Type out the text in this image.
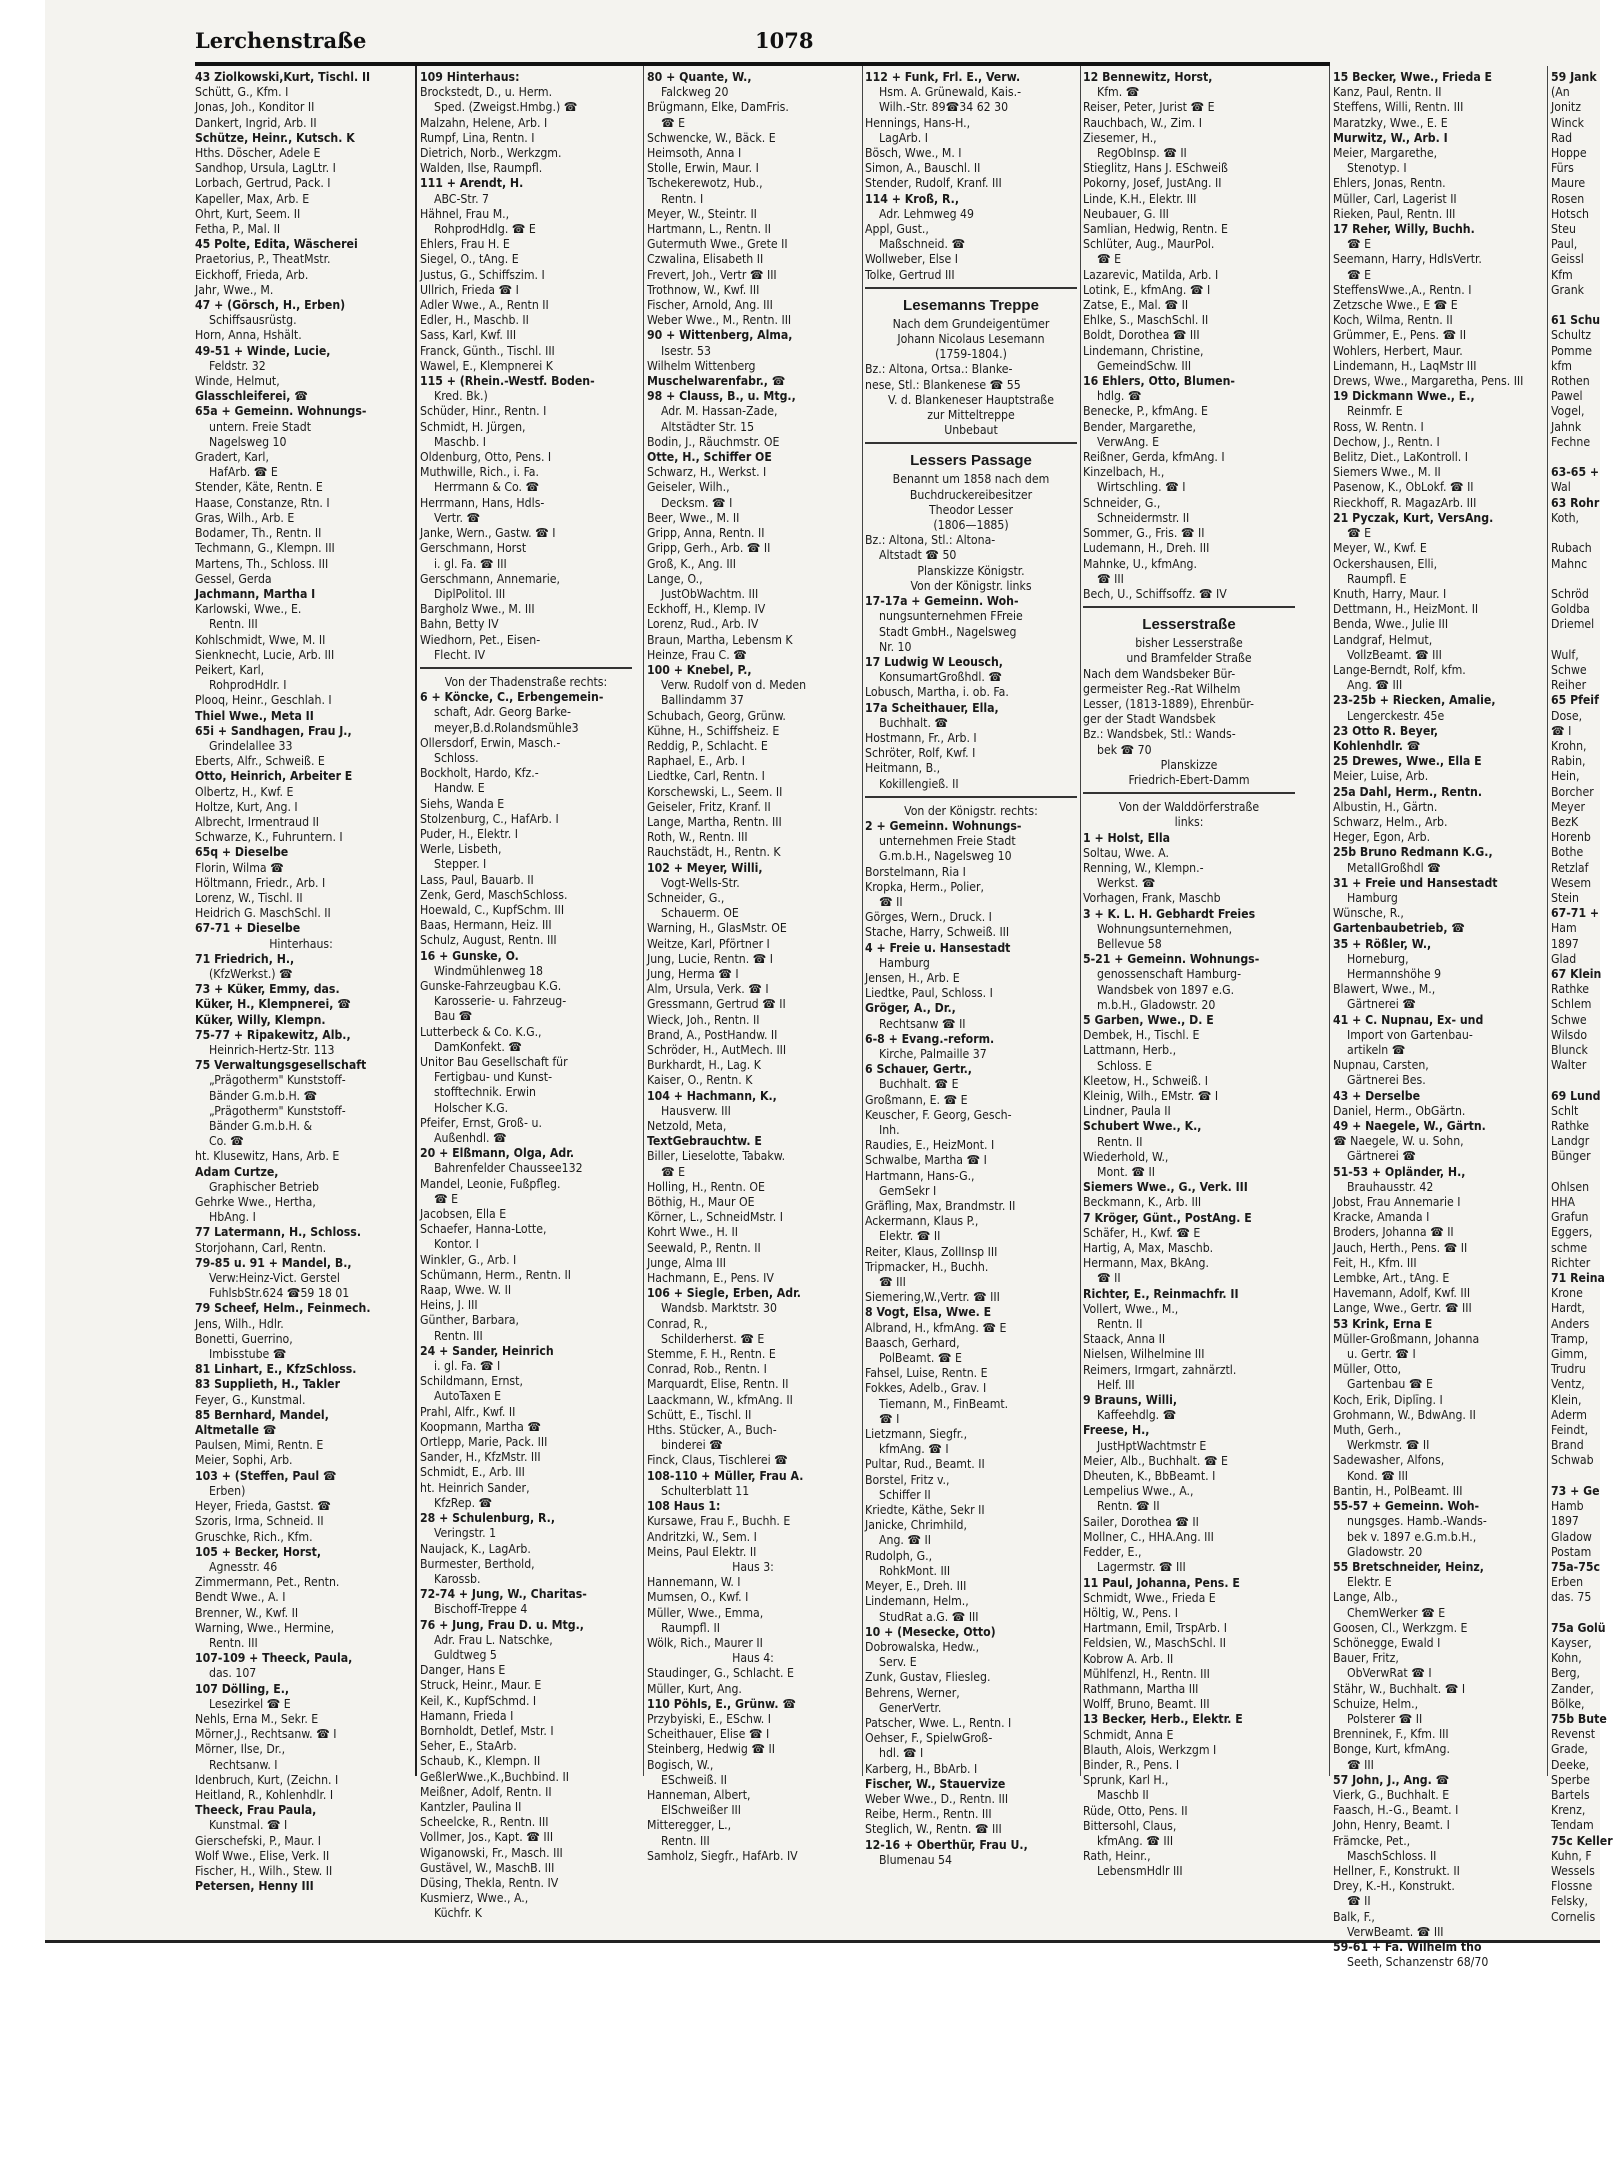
Lerchenstraße	1078
43 Ziolkowski,Kurt, Tischl. II
Schütt, G., Kfm. I
Jonas, Joh., Konditor II
Dankert, Ingrid, Arb. II
Schütze, Heinr., Kutsch. K
Hths. Döscher, Adele E
Sandhop, Ursula, LagLtr. I
Lorbach, Gertrud, Pack. I
Kapeller, Max, Arb. E
Ohrt, Kurt, Seem. II
Fetha, P., Mal. II
45 Polte, Edita, Wäscherei
Praetorius, P., TheatMstr.
Eickhoff, Frieda, Arb.
Jahr, Wwe., M.
47 + (Görsch, H., Erben)
Schiffsausrüstg.
Horn, Anna, Hshält.
49-51 + Winde, Lucie,
Feldstr. 32
Winde, Helmut,
Glasschleiferei, ☎
65a + Gemeinn. Wohnungs-
untern. Freie Stadt
Nagelsweg 10
Gradert, Karl,
HafArb. ☎ E
Stender, Käte, Rentn. E
Haase, Constanze, Rtn. I
Gras, Wilh., Arb. E
Bodamer, Th., Rentn. II
Techmann, G., Klempn. III
Martens, Th., Schloss. III
Gessel, Gerda
Jachmann, Martha I
Karlowski, Wwe., E.
Rentn. III
Kohlschmidt, Wwe, M. II
Sienknecht, Lucie, Arb. III
Peikert, Karl,
RohprodHdlr. I
Plooq, Heinr., Geschlah. I
Thiel Wwe., Meta II
65i + Sandhagen, Frau J.,
Grindelallee 33
Eberts, Alfr., Schweiß. E
Otto, Heinrich, Arbeiter E
Olbertz, H., Kwf. E
Holtze, Kurt, Ang. I
Albrecht, Irmentraud II
Schwarze, K., Fuhruntern. I
65q + Dieselbe
Florin, Wilma ☎
Höltmann, Friedr., Arb. I
Lorenz, W., Tischl. II
Heidrich G. MaschSchl. II
67-71 + Dieselbe
Hinterhaus:
71 Friedrich, H.,
(KfzWerkst.) ☎
73 + Küker, Emmy, das.
Küker, H., Klempnerei, ☎
Küker, Willy, Klempn.
75-77 + Ripakewitz, Alb.,
Heinrich-Hertz-Str. 113
75 Verwaltungsgesellschaft
„Prägotherm" Kunststoff-
Bänder G.m.b.H. ☎
„Prägotherm" Kunststoff-
Bänder G.m.b.H. &
Co. ☎
ht. Klusewitz, Hans, Arb. E
Adam Curtze,
Graphischer Betrieb
Gehrke Wwe., Hertha,
HbAng. I
77 Latermann, H., Schloss.
Storjohann, Carl, Rentn.
79-85 u. 91 + Mandel, B.,
Verw:Heinz-Vict. Gerstel
FuhlsbStr.624 ☎59 18 01
79 Scheef, Helm., Feinmech.
Jens, Wilh., Hdlr.
Bonetti, Guerrino,
Imbisstube ☎
81 Linhart, E., KfzSchloss.
83 Supplieth, H., Takler
Feyer, G., Kunstmal.
85 Bernhard, Mandel,
Altmetalle ☎
Paulsen, Mimi, Rentn. E
Meier, Sophi, Arb.
103 + (Steffen, Paul ☎
Erben)
Heyer, Frieda, Gastst. ☎
Szoris, Irma, Schneid. II
Gruschke, Rich., Kfm.
105 + Becker, Horst,
Agnesstr. 46
Zimmermann, Pet., Rentn.
Bendt Wwe., A. I
Brenner, W., Kwf. II
Warning, Wwe., Hermine,
Rentn. III
107-109 + Theeck, Paula,
das. 107
107 Dölling, E.,
Lesezirkel ☎ E
Nehls, Erna M., Sekr. E
Mörner,J., Rechtsanw. ☎ I
Mörner, Ilse, Dr.,
Rechtsanw. I
Idenbruch, Kurt, (Zeichn. I
Heitland, R., Kohlenhdlr. I
Theeck, Frau Paula,
Kunstmal. ☎ I
Gierschefski, P., Maur. I
Wolf Wwe., Elise, Verk. II
Fischer, H., Wilh., Stew. II
Petersen, Henny III
109 Hinterhaus:
Brockstedt, D., u. Herm.
Sped. (Zweigst.Hmbg.) ☎
Malzahn, Helene, Arb. I
Rumpf, Lina, Rentn. I
Dietrich, Norb., Werkzgm.
Walden, Ilse, Raumpfl.
111 + Arendt, H.
ABC-Str. 7
Hähnel, Frau M.,
RohprodHdlg. ☎ E
Ehlers, Frau H. E
Siegel, O., tAng. E
Justus, G., Schiffszim. I
Ullrich, Frieda ☎ I
Adler Wwe., A., Rentn II
Edler, H., Maschb. II
Sass, Karl, Kwf. III
Franck, Günth., Tischl. III
Wawel, E., Klempnerei K
115 + (Rhein.-Westf. Boden-
Kred. Bk.)
Schüder, Hinr., Rentn. I
Schmidt, H. Jürgen,
Maschb. I
Oldenburg, Otto, Pens. I
Muthwille, Rich., i. Fa.
Herrmann & Co. ☎
Herrmann, Hans, Hdls-
Vertr. ☎
Janke, Wern., Gastw. ☎ I
Gerschmann, Horst
i. gl. Fa. ☎ III
Gerschmann, Annemarie,
DiplPolitol. III
Bargholz Wwe., M. III
Bahn, Betty IV
Wiedhorn, Pet., Eisen-
Flecht. IV
Von der Thadenstraße rechts:
6 + Köncke, C., Erbengemein-
schaft, Adr. Georg Barke-
meyer,B.d.Rolandsmühle3
Ollersdorf, Erwin, Masch.-
Schloss.
Bockholt, Hardo, Kfz.-
Handw. E
Siehs, Wanda E
Stolzenburg, C., HafArb. I
Puder, H., Elektr. I
Werle, Lisbeth,
Stepper. I
Lass, Paul, Bauarb. II
Zenk, Gerd, MaschSchloss.
Hoewald, C., KupfSchm. III
Baas, Hermann, Heiz. III
Schulz, August, Rentn. III
16 + Gunske, O.
Windmühlenweg 18
Gunske-Fahrzeugbau K.G.
Karosserie- u. Fahrzeug-
Bau ☎
Lutterbeck & Co. K.G.,
DamKonfekt. ☎
Unitor Bau Gesellschaft für
Fertigbau- und Kunst-
stofftechnik. Erwin
Holscher K.G.
Pfeifer, Ernst, Groß- u.
Außenhdl. ☎
20 + Elßmann, Olga, Adr.
Bahrenfelder Chaussee132
Mandel, Leonie, Fußpfleg.
☎ E
Jacobsen, Ella E
Schaefer, Hanna-Lotte,
Kontor. I
Winkler, G., Arb. I
Schümann, Herm., Rentn. II
Raap, Wwe. W. II
Heins, J. III
Günther, Barbara,
Rentn. III
24 + Sander, Heinrich
i. gl. Fa. ☎ I
Schildmann, Ernst,
AutoTaxen E
Prahl, Alfr., Kwf. II
Koopmann, Martha ☎
Ortlepp, Marie, Pack. III
Sander, H., KfzMstr. III
Schmidt, E., Arb. III
ht. Heinrich Sander,
KfzRep. ☎
28 + Schulenburg, R.,
Veringstr. 1
Naujack, K., LagArb.
Burmester, Berthold,
Karossb.
72-74 + Jung, W., Charitas-
Bischoff-Treppe 4
76 + Jung, Frau D. u. Mtg.,
Adr. Frau L. Natschke,
Guldtweg 5
Danger, Hans E
Struck, Heinr., Maur. E
Keil, K., KupfSchmd. I
Hamann, Frieda I
Bornholdt, Detlef, Mstr. I
Seher, E., StaArb.
Schaub, K., Klempn. II
GeßlerWwe.,K.,Buchbind. II
Meißner, Adolf, Rentn. II
Kantzler, Paulina II
Scheelcke, R., Rentn. III
Vollmer, Jos., Kapt. ☎ III
Wiganowski, Fr., Masch. III
Gustävel, W., MaschB. III
Düsing, Thekla, Rentn. IV
Kusmierz, Wwe., A.,
Küchfr. K
80 + Quante, W.,
Falckweg 20
Brügmann, Elke, DamFris.
☎ E
Schwencke, W., Bäck. E
Heimsoth, Anna I
Stolle, Erwin, Maur. I
Tschekerewotz, Hub.,
Rentn. I
Meyer, W., Steintr. II
Hartmann, L., Rentn. II
Gutermuth Wwe., Grete II
Czwalina, Elisabeth II
Frevert, Joh., Vertr ☎ III
Trothnow, W., Kwf. III
Fischer, Arnold, Ang. III
Weber Wwe., M., Rentn. III
90 + Wittenberg, Alma,
Isestr. 53
Wilhelm Wittenberg
Muschelwarenfabr., ☎
98 + Clauss, B., u. Mtg.,
Adr. M. Hassan-Zade,
Altstädter Str. 15
Bodin, J., Räuchmstr. OE
Otte, H., Schiffer OE
Schwarz, H., Werkst. I
Geiseler, Wilh.,
Decksm. ☎ I
Beer, Wwe., M. II
Gripp, Anna, Rentn. II
Gripp, Gerh., Arb. ☎ II
Groß, K., Ang. III
Lange, O.,
JustObWachtm. III
Eckhoff, H., Klemp. IV
Lorenz, Rud., Arb. IV
Braun, Martha, Lebensm K
Heinze, Frau C. ☎
100 + Knebel, P.,
Verw. Rudolf von d. Meden
Ballindamm 37
Schubach, Georg, Grünw.
Kühne, H., Schiffsheiz. E
Reddig, P., Schlacht. E
Raphael, E., Arb. I
Liedtke, Carl, Rentn. I
Korschewski, L., Seem. II
Geiseler, Fritz, Kranf. II
Lange, Martha, Rentn. III
Roth, W., Rentn. III
Rauchstädt, H., Rentn. K
102 + Meyer, Willi,
Vogt-Wells-Str.
Schneider, G.,
Schauerm. OE
Warning, H., GlasMstr. OE
Weitze, Karl, Pförtner I
Jung, Lucie, Rentn. ☎ I
Jung, Herma ☎ I
Alm, Ursula, Verk. ☎ I
Gressmann, Gertrud ☎ II
Wieck, Joh., Rentn. II
Brand, A., PostHandw. II
Schröder, H., AutMech. III
Burkhardt, H., Lag. K
Kaiser, O., Rentn. K
104 + Hachmann, K.,
Hausverw. III
Netzold, Meta,
TextGebrauchtw. E
Biller, Lieselotte, Tabakw.
☎ E
Holling, H., Rentn. OE
Böthig, H., Maur OE
Körner, L., SchneidMstr. I
Kohrt Wwe., H. II
Seewald, P., Rentn. II
Junge, Alma III
Hachmann, E., Pens. IV
106 + Siegle, Erben, Adr.
Wandsb. Marktstr. 30
Conrad, R.,
Schilderherst. ☎ E
Stemme, F. H., Rentn. E
Conrad, Rob., Rentn. I
Marquardt, Elise, Rentn. II
Laackmann, W., kfmAng. II
Schütt, E., Tischl. II
Hths. Stücker, A., Buch-
binderei ☎
Finck, Claus, Tischlerei ☎
108-110 + Müller, Frau A.
Schulterblatt 11
108 Haus 1:
Kursawe, Frau F., Buchh. E
Andritzki, W., Sem. I
Meins, Paul Elektr. II
Haus 3:
Hannemann, W. I
Mumsen, O., Kwf. I
Müller, Wwe., Emma,
Raumpfl. II
Wölk, Rich., Maurer II
Haus 4:
Staudinger, G., Schlacht. E
Müller, Kurt, Ang.
110 Pöhls, E., Grünw. ☎
Przybyiski, E., ESchw. I
Scheithauer, Elise ☎ I
Steinberg, Hedwig ☎ II
Bogisch, W.,
ESchweiß. II
Hanneman, Albert,
ElSchweißer III
Mitteregger, L.,
Rentn. III
Samholz, Siegfr., HafArb. IV
112 + Funk, Frl. E., Verw.
Hsm. A. Grünewald, Kais.-
Wilh.-Str. 89☎34 62 30
Hennings, Hans-H.,
LagArb. I
Bösch, Wwe., M. I
Simon, A., Bauschl. II
Stender, Rudolf, Kranf. III
114 + Kroß, R.,
Adr. Lehmweg 49
Appl, Gust.,
Maßschneid. ☎
Wollweber, Else I
Tolke, Gertrud III
Lesemanns Treppe
Nach dem Grundeigentümer
Johann Nicolaus Lesemann
(1759-1804.)
Bz.: Altona, Ortsa.: Blanke-
nese, Stl.: Blankenese ☎ 55
V. d. Blankeneser Hauptstraße
zur Mitteltreppe
Unbebaut
Lessers Passage
Benannt um 1858 nach dem
Buchdruckereibesitzer
Theodor Lesser
(1806—1885)
Bz.: Altona, Stl.: Altona-
Altstadt ☎ 50
Planskizze Königstr.
Von der Königstr. links
17-17a + Gemeinn. Woh-
nungsunternehmen FFreie
Stadt GmbH., Nagelsweg
Nr. 10
17 Ludwig W Leousch,
KonsumartGroßhdl. ☎
Lobusch, Martha, i. ob. Fa.
17a Scheithauer, Ella,
Buchhalt. ☎
Hostmann, Fr., Arb. I
Schröter, Rolf, Kwf. I
Heitmann, B.,
Kokillengieß. II
Von der Königstr. rechts:
2 + Gemeinn. Wohnungs-
unternehmen Freie Stadt
G.m.b.H., Nagelsweg 10
Borstelmann, Ria I
Kropka, Herm., Polier,
☎ II
Görges, Wern., Druck. I
Stache, Harry, Schweiß. III
4 + Freie u. Hansestadt
Hamburg
Jensen, H., Arb. E
Liedtke, Paul, Schloss. I
Gröger, A., Dr.,
Rechtsanw ☎ II
6-8 + Evang.-reform.
Kirche, Palmaille 37
6 Schauer, Gertr.,
Buchhalt. ☎ E
Großmann, E. ☎ E
Keuscher, F. Georg, Gesch-
Inh.
Raudies, E., HeizMont. I
Schwalbe, Martha ☎ I
Hartmann, Hans-G.,
GemSekr I
Gräfling, Max, Brandmstr. II
Ackermann, Klaus P.,
Elektr. ☎ II
Reiter, Klaus, ZollInsp III
Tripmacker, H., Buchh.
☎ III
Siemering,W.,Vertr. ☎ III
8 Vogt, Elsa, Wwe. E
Albrand, H., kfmAng. ☎ E
Baasch, Gerhard,
PolBeamt. ☎ E
Fahsel, Luise, Rentn. E
Fokkes, Adelb., Grav. I
Tiemann, M., FinBeamt.
☎ I
Lietzmann, Siegfr.,
kfmAng. ☎ I
Pultar, Rud., Beamt. II
Borstel, Fritz v.,
Schiffer II
Kriedte, Käthe, Sekr II
Janicke, Chrimhild,
Ang. ☎ II
Rudolph, G.,
RohkMont. III
Meyer, E., Dreh. III
Lindemann, Helm.,
StudRat a.G. ☎ III
10 + (Mesecke, Otto)
Dobrowalska, Hedw.,
Serv. E
Zunk, Gustav, Fliesleg.
Behrens, Werner,
GenerVertr.
Patscher, Wwe. L., Rentn. I
Oehser, F., SpielwGroß-
hdl. ☎ I
Karberg, H., BbArb. I
Fischer, W., Stauervize
Weber Wwe., D., Rentn. III
Reibe, Herm., Rentn. III
Steglich, W., Rentn. ☎ III
12-16 + Oberthür, Frau U.,
Blumenau 54
12 Bennewitz, Horst,
Kfm. ☎
Reiser, Peter, Jurist ☎ E
Rauchbach, W., Zim. I
Ziesemer, H.,
RegObInsp. ☎ II
Stieglitz, Hans J. ESchweiß
Pokorny, Josef, JustAng. II
Linde, K.H., Elektr. III
Neubauer, G. III
Samlian, Hedwig, Rentn. E
Schlüter, Aug., MaurPol.
☎ E
Lazarevic, Matilda, Arb. I
Lotink, E., kfmAng. ☎ I
Zatse, E., Mal. ☎ II
Ehlke, S., MaschSchl. II
Boldt, Dorothea ☎ III
Lindemann, Christine,
GemeindSchw. III
16 Ehlers, Otto, Blumen-
hdlg. ☎
Benecke, P., kfmAng. E
Bender, Margarethe,
VerwAng. E
Reißner, Gerda, kfmAng. I
Kinzelbach, H.,
Wirtschling. ☎ I
Schneider, G.,
Schneidermstr. II
Sommer, G., Fris. ☎ II
Ludemann, H., Dreh. III
Mahnke, U., kfmAng.
☎ III
Bech, U., Schiffsoffz. ☎ IV
Lesserstraße
bisher Lesserstraße
und Bramfelder Straße
Nach dem Wandsbeker Bür-
germeister Reg.-Rat Wilhelm
Lesser, (1813-1889), Ehrenbür-
ger der Stadt Wandsbek
Bz.: Wandsbek, Stl.: Wands-
bek ☎ 70
Planskizze
Friedrich-Ebert-Damm
Von der Walddörferstraße
links:
1 + Holst, Ella
Soltau, Wwe. A.
Renning, W., Klempn.-
Werkst. ☎
Vorhagen, Frank, Maschb
3 + K. L. H. Gebhardt Freies
Wohnungsunternehmen,
Bellevue 58
5-21 + Gemeinn. Wohnungs-
genossenschaft Hamburg-
Wandsbek von 1897 e.G.
m.b.H., Gladowstr. 20
5 Garben, Wwe., D. E
Dembek, H., Tischl. E
Lattmann, Herb.,
Schloss. E
Kleetow, H., Schweiß. I
Kleinig, Wilh., EMstr. ☎ I
Lindner, Paula II
Schubert Wwe., K.,
Rentn. II
Wiederhold, W.,
Mont. ☎ II
Siemers Wwe., G., Verk. III
Beckmann, K., Arb. III
7 Kröger, Günt., PostAng. E
Schäfer, H., Kwf. ☎ E
Hartig, A, Max, Maschb.
Hermann, Max, BkAng.
☎ II
Richter, E., Reinmachfr. II
Vollert, Wwe., M.,
Rentn. II
Staack, Anna II
Nielsen, Wilhelmine III
Reimers, Irmgart, zahnärztl.
Helf. III
9 Brauns, Willi,
Kaffeehdlg. ☎
Freese, H.,
JustHptWachtmstr E
Meier, Alb., Buchhalt. ☎ E
Dheuten, K., BbBeamt. I
Lempelius Wwe., A.,
Rentn. ☎ II
Sailer, Dorothea ☎ II
Mollner, C., HHA.Ang. III
Fedder, E.,
Lagermstr. ☎ III
11 Paul, Johanna, Pens. E
Schmidt, Wwe., Frieda E
Höltig, W., Pens. I
Hartmann, Emil, TrspArb. I
Feldsien, W., MaschSchl. II
Kobrow A. Arb. II
Mühlfenzl, H., Rentn. III
Rathmann, Martha III
Wolff, Bruno, Beamt. III
13 Becker, Herb., Elektr. E
Schmidt, Anna E
Blauth, Alois, Werkzgm I
Binder, R., Pens. I
Sprunk, Karl H.,
Maschb II
Rüde, Otto, Pens. II
Bittersohl, Claus,
kfmAng. ☎ III
Rath, Heinr.,
LebensmHdlr III
15 Becker, Wwe., Frieda E
Kanz, Paul, Rentn. II
Steffens, Willi, Rentn. III
Maratzky, Wwe., E. E
Murwitz, W., Arb. I
Meier, Margarethe,
Stenotyp. I
Ehlers, Jonas, Rentn.
Müller, Carl, Lagerist II
Rieken, Paul, Rentn. III
17 Reher, Willy, Buchh.
☎ E
Seemann, Harry, HdlsVertr.
☎ E
SteffensWwe.,A., Rentn. I
Zetzsche Wwe., E ☎ E
Koch, Wilma, Rentn. II
Grümmer, E., Pens. ☎ II
Wohlers, Herbert, Maur.
Lindemann, H., LaqMstr III
Drews, Wwe., Margaretha, Pens. III
19 Dickmann Wwe., E.,
Reinmfr. E
Ross, W. Rentn. I
Dechow, J., Rentn. I
Belitz, Diet., LaKontroll. I
Siemers Wwe., M. II
Pasenow, K., ObLokf. ☎ II
Rieckhoff, R. MagazArb. III
21 Pyczak, Kurt, VersAng.
☎ E
Meyer, W., Kwf. E
Ockershausen, Elli,
Raumpfl. E
Knuth, Harry, Maur. I
Dettmann, H., HeizMont. II
Benda, Wwe., Julie III
Landgraf, Helmut,
VollzBeamt. ☎ III
Lange-Berndt, Rolf, kfm.
Ang. ☎ III
23-25b + Riecken, Amalie,
Lengerckestr. 45e
23 Otto R. Beyer,
Kohlenhdlr. ☎
25 Drewes, Wwe., Ella E
Meier, Luise, Arb.
25a Dahl, Herm., Rentn.
Albustin, H., Gärtn.
Schwarz, Helm., Arb.
Heger, Egon, Arb.
25b Bruno Redmann K.G.,
MetallGroßhdl ☎
31 + Freie und Hansestadt
Hamburg
Wünsche, R.,
Gartenbaubetrieb, ☎
35 + Rößler, W.,
Horneburg,
Hermannshöhe 9
Blawert, Wwe., M.,
Gärtnerei ☎
41 + C. Nupnau, Ex- und
Import von Gartenbau-
artikeln ☎
Nupnau, Carsten,
Gärtnerei Bes.
43 + Derselbe
Daniel, Herm., ObGärtn.
49 + Naegele, W., Gärtn.
☎ Naegele, W. u. Sohn,
Gärtnerei ☎
51-53 + Opländer, H.,
Brauhausstr. 42
Jobst, Frau Annemarie I
Kracke, Amanda I
Broders, Johanna ☎ II
Jauch, Herth., Pens. ☎ II
Feit, H., Kfm. III
Lembke, Art., tAng. E
Havemann, Adolf, Kwf. III
Lange, Wwe., Gertr. ☎ III
53 Krink, Erna E
Müller-Großmann, Johanna
u. Gertr. ☎ I
Müller, Otto,
Gartenbau ☎ E
Koch, Erik, Diplīng. I
Grohmann, W., BdwAng. II
Muth, Gerh.,
Werkmstr. ☎ II
Sadewasher, Alfons,
Kond. ☎ III
Bantin, H., PolBeamt. III
55-57 + Gemeinn. Woh-
nungsges. Hamb.-Wands-
bek v. 1897 e.G.m.b.H.,
Gladowstr. 20
55 Bretschneider, Heinz,
Elektr. E
Lange, Alb.,
ChemWerker ☎ E
Goosen, Cl., Werkzgm. E
Schönegge, Ewald I
Bauer, Fritz,
ObVerwRat ☎ I
Stähr, W., Buchhalt. ☎ I
Schuize, Helm.,
Polsterer ☎ II
Brenninek, F., Kfm. III
Bonge, Kurt, kfmAng.
☎ III
57 John, J., Ang. ☎
Vierk, G., Buchhalt. E
Faasch, H.-G., Beamt. I
John, Henry, Beamt. I
Främcke, Pet.,
MaschSchloss. II
Hellner, F., Konstrukt. II
Drey, K.-H., Konstrukt.
☎ II
Balk, F.,
VerwBeamt. ☎ III
59-61 + Fa. Wilhelm tho
Seeth, Schanzenstr 68/70
59 Jank
(An
Jonitz
Winck
Rad
Hoppe
Fürs
Maure
Rosen
Hotsch
Steu
Paul,
Geissl
Kfm
Grank

61 Schu
Schultz
Pomme
kfm
Rothen
Pawel
Vogel,
Jahnk
Fechne

63-65 +
Wal
63 Rohr
Koth,

Rubach
Mahnc

Schröd
Goldba
Driemel

Wulf,
Schwe
Reiher
65 Pfeif
Dose,
☎ I
Krohn,
Rabin,
Hein,
Borcher
Meyer
BezK
Horenb
Bothe
Retzlaf
Wesem
Stein
67-71 +
Ham
1897
Glad
67 Klein
Rathke
Schlem
Schwe
Wilsdo
Blunck
Walter

69 Lund
Schlt
Rathke
Landgr
Bünger

Ohlsen
HHA
Grafun
Eggers,
schme
Richter
71 Reina
Krone
Hardt,
Anders
Tramp,
Gimm,
Trudru
Ventz,
Klein,
Aderm
Feindt,
Brand
Schwab

73 + Ge
Hamb
1897
Gladow
Postam
75a-75c
Erben
das. 75

75a Golü
Kayser,
Kohn,
Berg,
Zander,
Bölke,
75b Bute
Revenst
Grade,
Deeke,
Sperbe
Bartels
Krenz,
Tendam
75c Keller
Kuhn, F
Wessels
Flossne
Felsky,
Cornelis
